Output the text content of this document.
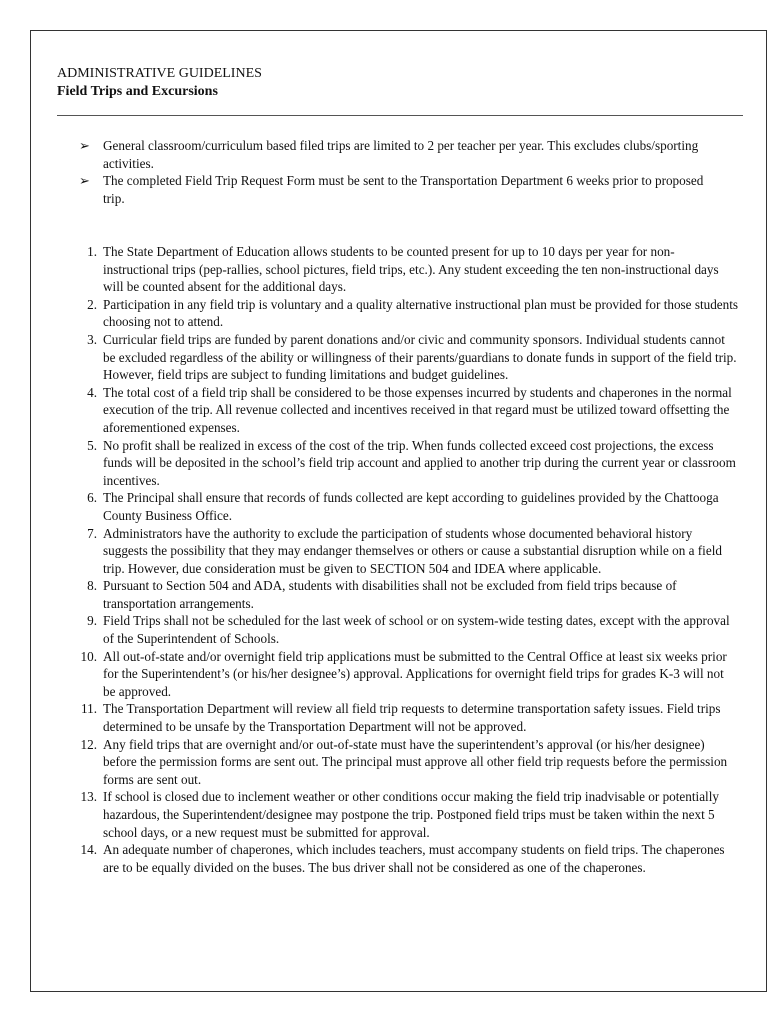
ADMINISTRATIVE GUIDELINES
Field Trips and Excursions
➢ General classroom/curriculum based filed trips are limited to 2 per teacher per year. This excludes clubs/sporting activities.
➢ The completed Field Trip Request Form must be sent to the Transportation Department 6 weeks prior to proposed trip.
1. The State Department of Education allows students to be counted present for up to 10 days per year for non-instructional trips (pep-rallies, school pictures, field trips, etc.). Any student exceeding the ten non-instructional days will be counted absent for the additional days.
2. Participation in any field trip is voluntary and a quality alternative instructional plan must be provided for those students choosing not to attend.
3. Curricular field trips are funded by parent donations and/or civic and community sponsors. Individual students cannot be excluded regardless of the ability or willingness of their parents/guardians to donate funds in support of the field trip. However, field trips are subject to funding limitations and budget guidelines.
4. The total cost of a field trip shall be considered to be those expenses incurred by students and chaperones in the normal execution of the trip. All revenue collected and incentives received in that regard must be utilized toward offsetting the aforementioned expenses.
5. No profit shall be realized in excess of the cost of the trip. When funds collected exceed cost projections, the excess funds will be deposited in the school’s field trip account and applied to another trip during the current year or classroom incentives.
6. The Principal shall ensure that records of funds collected are kept according to guidelines provided by the Chattooga County Business Office.
7. Administrators have the authority to exclude the participation of students whose documented behavioral history suggests the possibility that they may endanger themselves or others or cause a substantial disruption while on a field trip. However, due consideration must be given to SECTION 504 and IDEA where applicable.
8. Pursuant to Section 504 and ADA, students with disabilities shall not be excluded from field trips because of transportation arrangements.
9. Field Trips shall not be scheduled for the last week of school or on system-wide testing dates, except with the approval of the Superintendent of Schools.
10. All out-of-state and/or overnight field trip applications must be submitted to the Central Office at least six weeks prior for the Superintendent’s (or his/her designee’s) approval. Applications for overnight field trips for grades K-3 will not be approved.
11. The Transportation Department will review all field trip requests to determine transportation safety issues. Field trips determined to be unsafe by the Transportation Department will not be approved.
12. Any field trips that are overnight and/or out-of-state must have the superintendent’s approval (or his/her designee) before the permission forms are sent out. The principal must approve all other field trip requests before the permission forms are sent out.
13. If school is closed due to inclement weather or other conditions occur making the field trip inadvisable or potentially hazardous, the Superintendent/designee may postpone the trip. Postponed field trips must be taken within the next 5 school days, or a new request must be submitted for approval.
14. An adequate number of chaperones, which includes teachers, must accompany students on field trips. The chaperones are to be equally divided on the buses. The bus driver shall not be considered as one of the chaperones.
